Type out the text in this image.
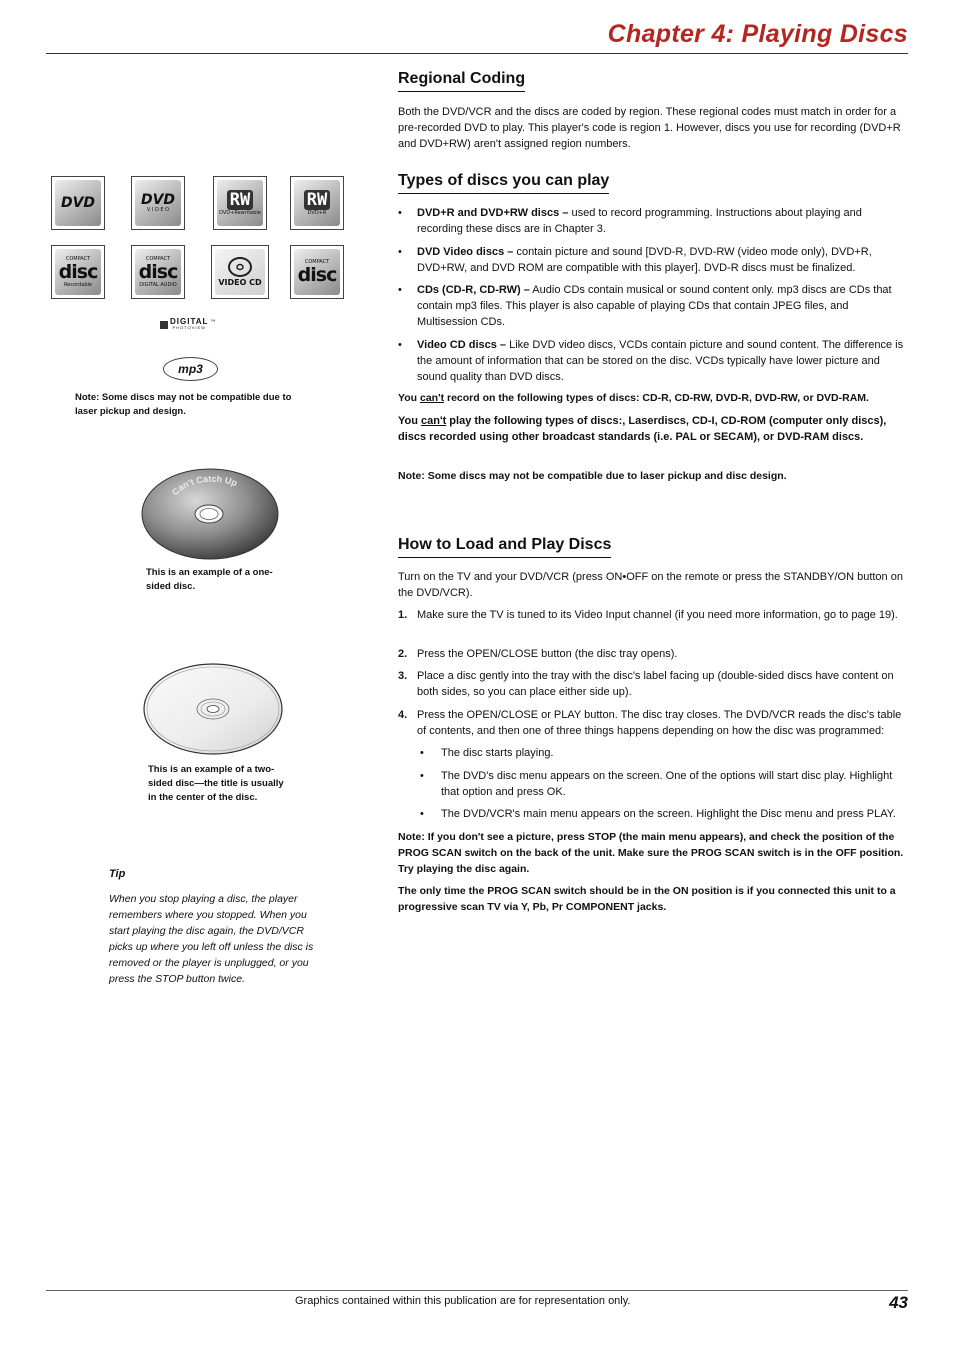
Chapter 4: Playing Discs
DVD	DVD
V I D E O	RW
DVD+Rewritable
RW
DVD+R
COMPACT
disc
Recordable
COMPACT
disc
DIGITAL AUDIO	VIDEO CD
COMPACT
disc
DIGITAL
PHOTOVIEW
™
mp3
Note: Some discs may not be compatible due to laser pickup and design.
Can't Catch Up
This is an example of a one-sided disc.
This is an example of a two-sided disc—the title is usually in the center of the disc.
Tip
When you stop playing a disc, the player remembers where you stopped. When you start playing the disc again, the DVD/VCR picks up where you left off unless the disc is removed or the player is unplugged, or you press the STOP button twice.
Regional Coding
Both the DVD/VCR and the discs are coded by region. These regional codes must match in order for a pre-recorded DVD to play. This player's code is region 1. However, discs you use for recording (DVD+R and DVD+RW) aren't assigned region numbers.
Types of discs you can play
• DVD+R and DVD+RW discs – used to record programming. Instructions about playing and recording these discs are in Chapter 3.
• DVD Video discs – contain picture and sound [DVD-R, DVD-RW (video mode only), DVD+R, DVD+RW, and DVD ROM are compatible with this player]. DVD-R discs must be finalized.
• CDs (CD-R, CD-RW) – Audio CDs contain musical or sound content only. mp3 discs are CDs that contain mp3 files. This player is also capable of playing CDs that contain JPEG files, and Multisession CDs.
• Video CD discs – Like DVD video discs, VCDs contain picture and sound content. The difference is the amount of information that can be stored on the disc. VCDs typically have lower picture and sound quality than DVD discs.
You can't record on the following types of discs: CD-R, CD-RW, DVD-R, DVD-RW, or DVD-RAM.
You can't play the following types of discs:, Laserdiscs, CD-I, CD-ROM (computer only discs), discs recorded using other broadcast standards (i.e. PAL or SECAM), or DVD-RAM discs.
Note: Some discs may not be compatible due to laser pickup and disc design.
How to Load and Play Discs
Turn on the TV and your DVD/VCR (press ON•OFF on the remote or press the STANDBY/ON button on the DVD/VCR).
1. Make sure the TV is tuned to its Video Input channel (if you need more information, go to page 19).
2. Press the OPEN/CLOSE button (the disc tray opens).
3. Place a disc gently into the tray with the disc's label facing up (double-sided discs have content on both sides, so you can place either side up).
4. Press the OPEN/CLOSE or PLAY button. The disc tray closes. The DVD/VCR reads the disc's table of contents, and then one of three things happens depending on how the disc was programmed:
• The disc starts playing.
• The DVD's disc menu appears on the screen. One of the options will start disc play. Highlight that option and press OK.
• The DVD/VCR's main menu appears on the screen. Highlight the Disc menu and press PLAY.
Note: If you don't see a picture, press STOP (the main menu appears), and check the position of the PROG SCAN switch on the back of the unit. Make sure the PROG SCAN switch is in the OFF position. Try playing the disc again.
The only time the PROG SCAN switch should be in the ON position is if you connected this unit to a progressive scan TV via Y, Pb, Pr COMPONENT jacks.
Graphics contained within this publication are for representation only.	43
